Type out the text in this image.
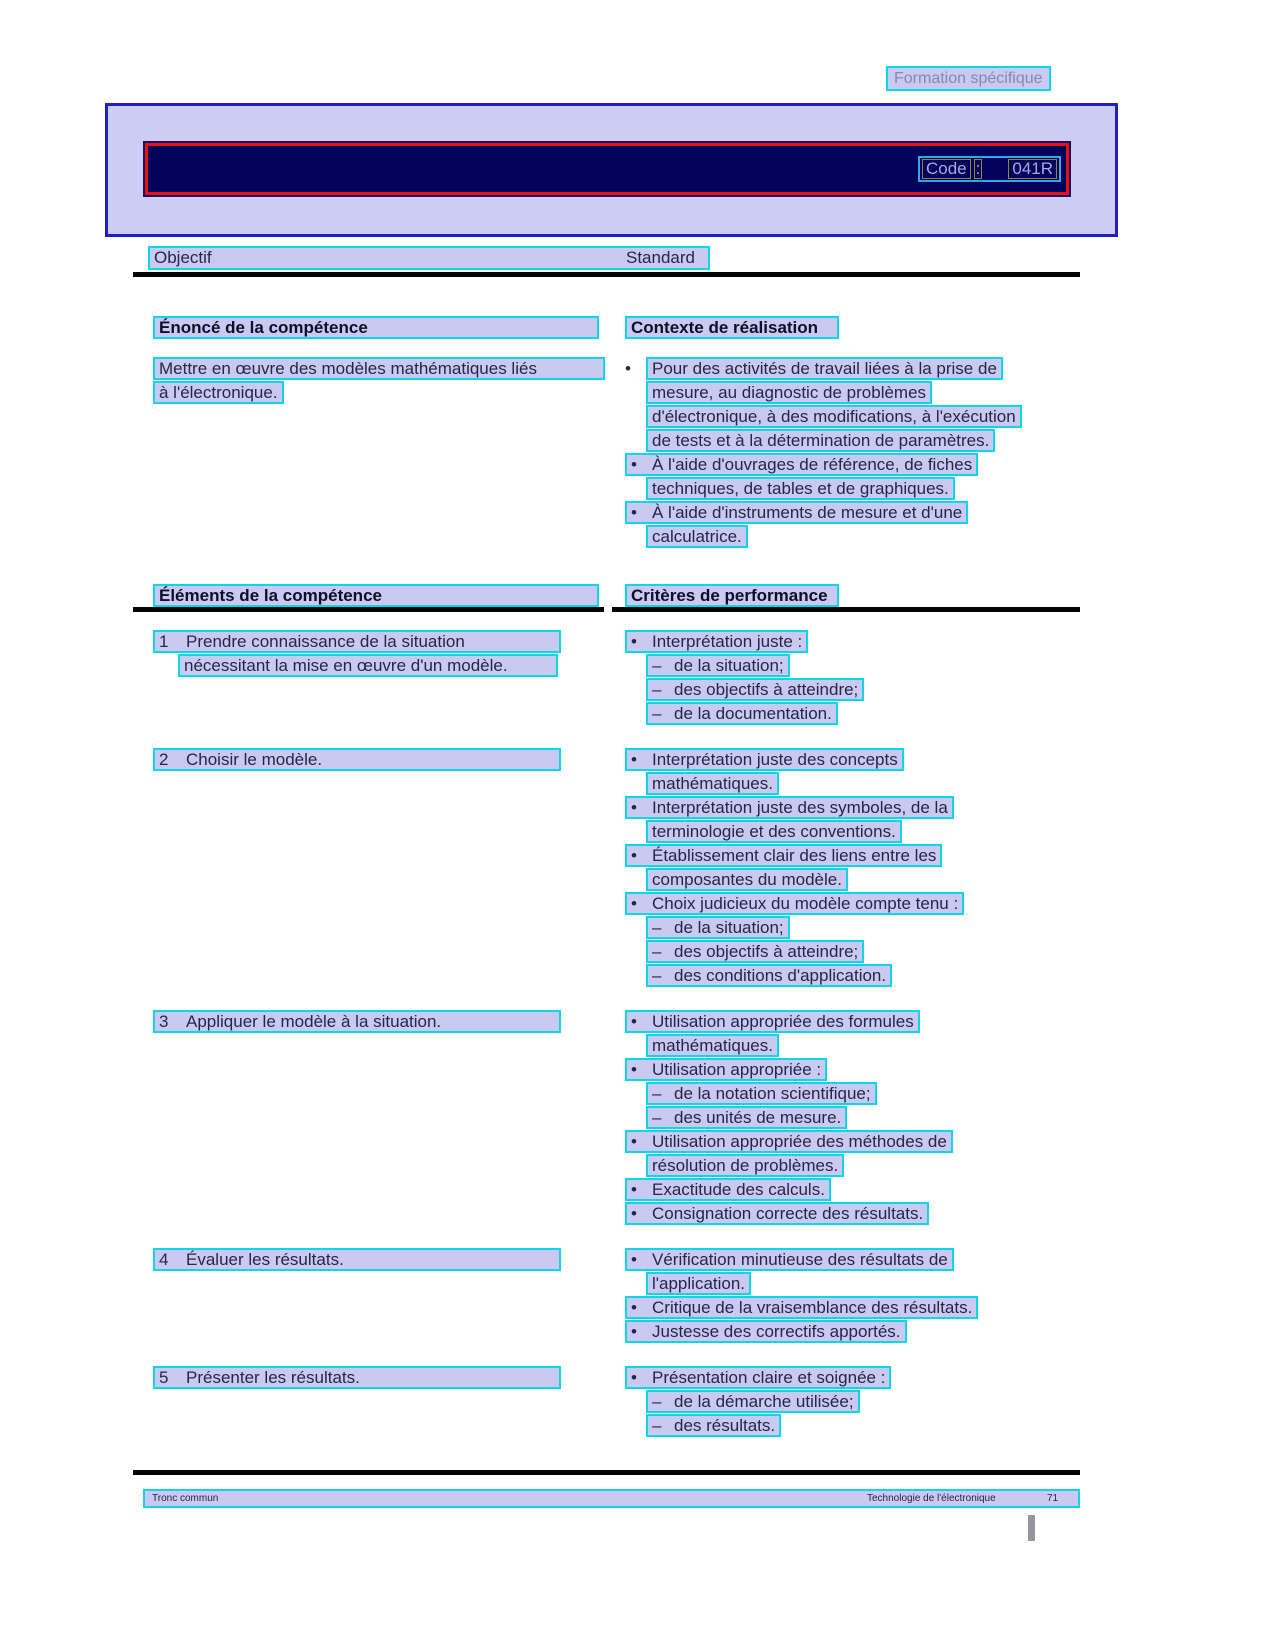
Formation spécifique
Code : 041R
Objectif	Standard
Énoncé de la compétence	Contexte de réalisation
Mettre en œuvre des modèles mathématiques liés
à l'électronique.
• Pour des activités de travail liées à la prise de
mesure, au diagnostic de problèmes
d'électronique, à des modifications, à l'exécution
de tests et à la détermination de paramètres.
• À l'aide d'ouvrages de référence, de fiches
techniques, de tables et de graphiques.
• À l'aide d'instruments de mesure et d'une
calculatrice.
Éléments de la compétence	Critères de performance
1 Prendre connaissance de la situation
nécessitant la mise en œuvre d'un modèle.
• Interprétation juste :
– de la situation;
– des objectifs à atteindre;
– de la documentation.
2 Choisir le modèle.	• Interprétation juste des concepts
mathématiques.
• Interprétation juste des symboles, de la
terminologie et des conventions.
• Établissement clair des liens entre les
composantes du modèle.
• Choix judicieux du modèle compte tenu :
– de la situation;
– des objectifs à atteindre;
– des conditions d'application.
3 Appliquer le modèle à la situation.	• Utilisation appropriée des formules
mathématiques.
• Utilisation appropriée :
– de la notation scientifique;
– des unités de mesure.
• Utilisation appropriée des méthodes de
résolution de problèmes.
• Exactitude des calculs.
• Consignation correcte des résultats.
4 Évaluer les résultats.	• Vérification minutieuse des résultats de
l'application.
• Critique de la vraisemblance des résultats.
• Justesse des correctifs apportés.
5 Présenter les résultats.	• Présentation claire et soignée :
– de la démarche utilisée;
– des résultats.
Tronc commun	Technologie de l'électronique	71
